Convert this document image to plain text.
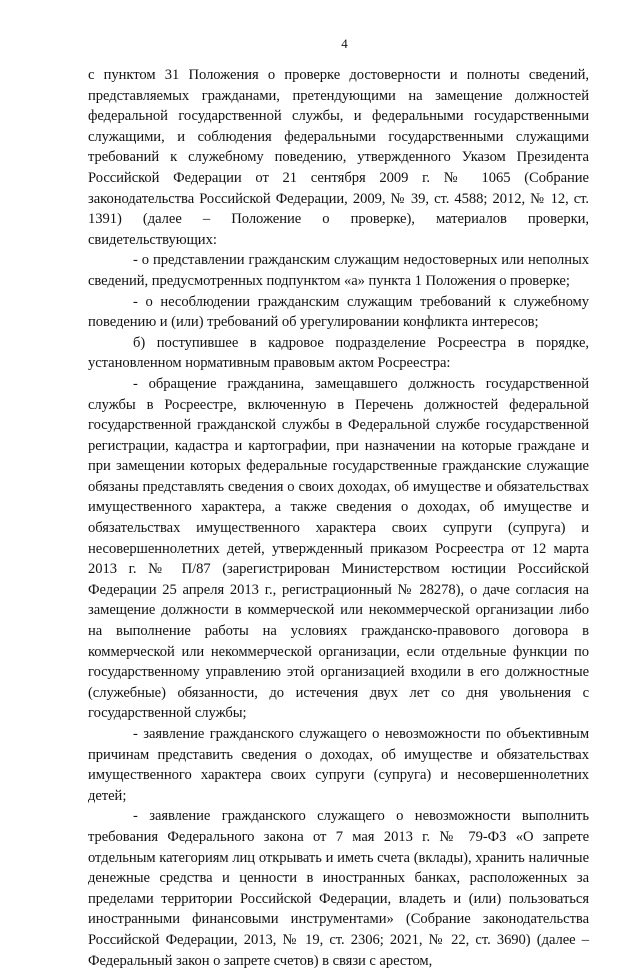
4

с пунктом 31 Положения о проверке достоверности и полноты сведений, представляемых гражданами, претендующими на замещение должностей федеральной государственной службы, и федеральными государственными служащими, и соблюдения федеральными государственными служащими требований к служебному поведению, утвержденного Указом Президента Российской Федерации от 21 сентября 2009 г. № 1065 (Собрание законодательства Российской Федерации, 2009, № 39, ст. 4588; 2012, № 12, ст. 1391) (далее – Положение о проверке), материалов проверки, свидетельствующих:

- о представлении гражданским служащим недостоверных или неполных сведений, предусмотренных подпунктом «а» пункта 1 Положения о проверке;

- о несоблюдении гражданским служащим требований к служебному поведению и (или) требований об урегулировании конфликта интересов;

б) поступившее в кадровое подразделение Росреестра в порядке, установленном нормативным правовым актом Росреестра:

- обращение гражданина, замещавшего должность государственной службы в Росреестре, включенную в Перечень должностей федеральной государственной гражданской службы в Федеральной службе государственной регистрации, кадастра и картографии, при назначении на которые граждане и при замещении которых федеральные государственные гражданские служащие обязаны представлять сведения о своих доходах, об имуществе и обязательствах имущественного характера, а также сведения о доходах, об имуществе и обязательствах имущественного характера своих супруги (супруга) и несовершеннолетних детей, утвержденный приказом Росреестра от 12 марта 2013 г. № П/87 (зарегистрирован Министерством юстиции Российской Федерации 25 апреля 2013 г., регистрационный № 28278), о даче согласия на замещение должности в коммерческой или некоммерческой организации либо на выполнение работы на условиях гражданско-правового договора в коммерческой или некоммерческой организации, если отдельные функции по государственному управлению этой организацией входили в его должностные (служебные) обязанности, до истечения двух лет со дня увольнения с государственной службы;

- заявление гражданского служащего о невозможности по объективным причинам представить сведения о доходах, об имуществе и обязательствах имущественного характера своих супруги (супруга) и несовершеннолетних детей;

- заявление гражданского служащего о невозможности выполнить требования Федерального закона от 7 мая 2013 г. № 79-ФЗ «О запрете отдельным категориям лиц открывать и иметь счета (вклады), хранить наличные денежные средства и ценности в иностранных банках, расположенных за пределами территории Российской Федерации, владеть и (или) пользоваться иностранными финансовыми инструментами» (Собрание законодательства Российской Федерации, 2013, № 19, ст. 2306; 2021, № 22, ст. 3690) (далее – Федеральный закон о запрете счетов) в связи с арестом,
